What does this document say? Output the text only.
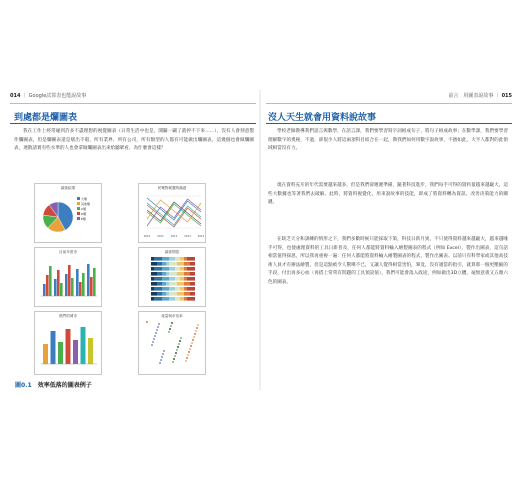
014 ｜ Google試算表也能說故事
到處都是爛圖表

我在工作上經常碰到許多不盡理想的視覺圖表（日常生活中也是，開闢一闢了就停不下來……），沒有人會刻意製作爛圖表，但是爛圖表還是層出不窮，所有業界、所有公司，所有類型的人都有可能做出爛圖表。這幾個也會做爛圖表，連散諸實有些水準的人也會拿做爛圖表出來給聽眾看，為什麼會這樣？

調查結果
大類
其他類
C類
D類
E類
民眾對候選的滿意
2010	2011	2012	2013	2014
目前年度市	調查問卷
熱門的城市	產量與市佔率
圖0.1 效率低落的圖表例子
前言　用圖表說故事 ｜ 015
沒人天生就會用資料說故事

學校老師教導我們語言與數學，在語言課，我們要學習寫字詞組成句子、將句子組成故事；在數學課，我們要學習理解數字的奧秘，不過，卻很少人將這兩項科目結合在一起，教我們如何用數字說故事，不擅如此，大半人都對的此領域相當沒有力。

現在資料充斥的年代需要越來越多，但是我們卻遲遲準備，隨著科技進步，我們每手可得的資料量越來越龐大，這些大數據也等著我們去破解。此時，將資料視覺化、用來說故事的技能，即成了將資料轉為資訊，改善決策能力的關鍵。

在缺乏天分和訓練的情形之下，我們多數時候只能採取下策，科技日新月異，不只使得資料越來越龐大，越來越唾手可得，也使處理資料的工具日新普及，任何人都能將資料輸入繪製圖表的程式（例如 Excel），製作出圖表，這句話相當值得探思，所以我再重複一遍：任何人都能將資料輸入繪製圖表的程式，製作出圖表。以前只有科學家或其他高技術人員才有辦法繪製，但是這點被令人驚嘆不已，又讓人覺得相當害怕，畢竟，沒有適當的指引，就算那一個更壓縮的手段，付出再多心血（再搭上常常有問題的工具預設值），我們可能會落入政途，例如做出3D立體，毫無意義又五顏六色的圖表。
